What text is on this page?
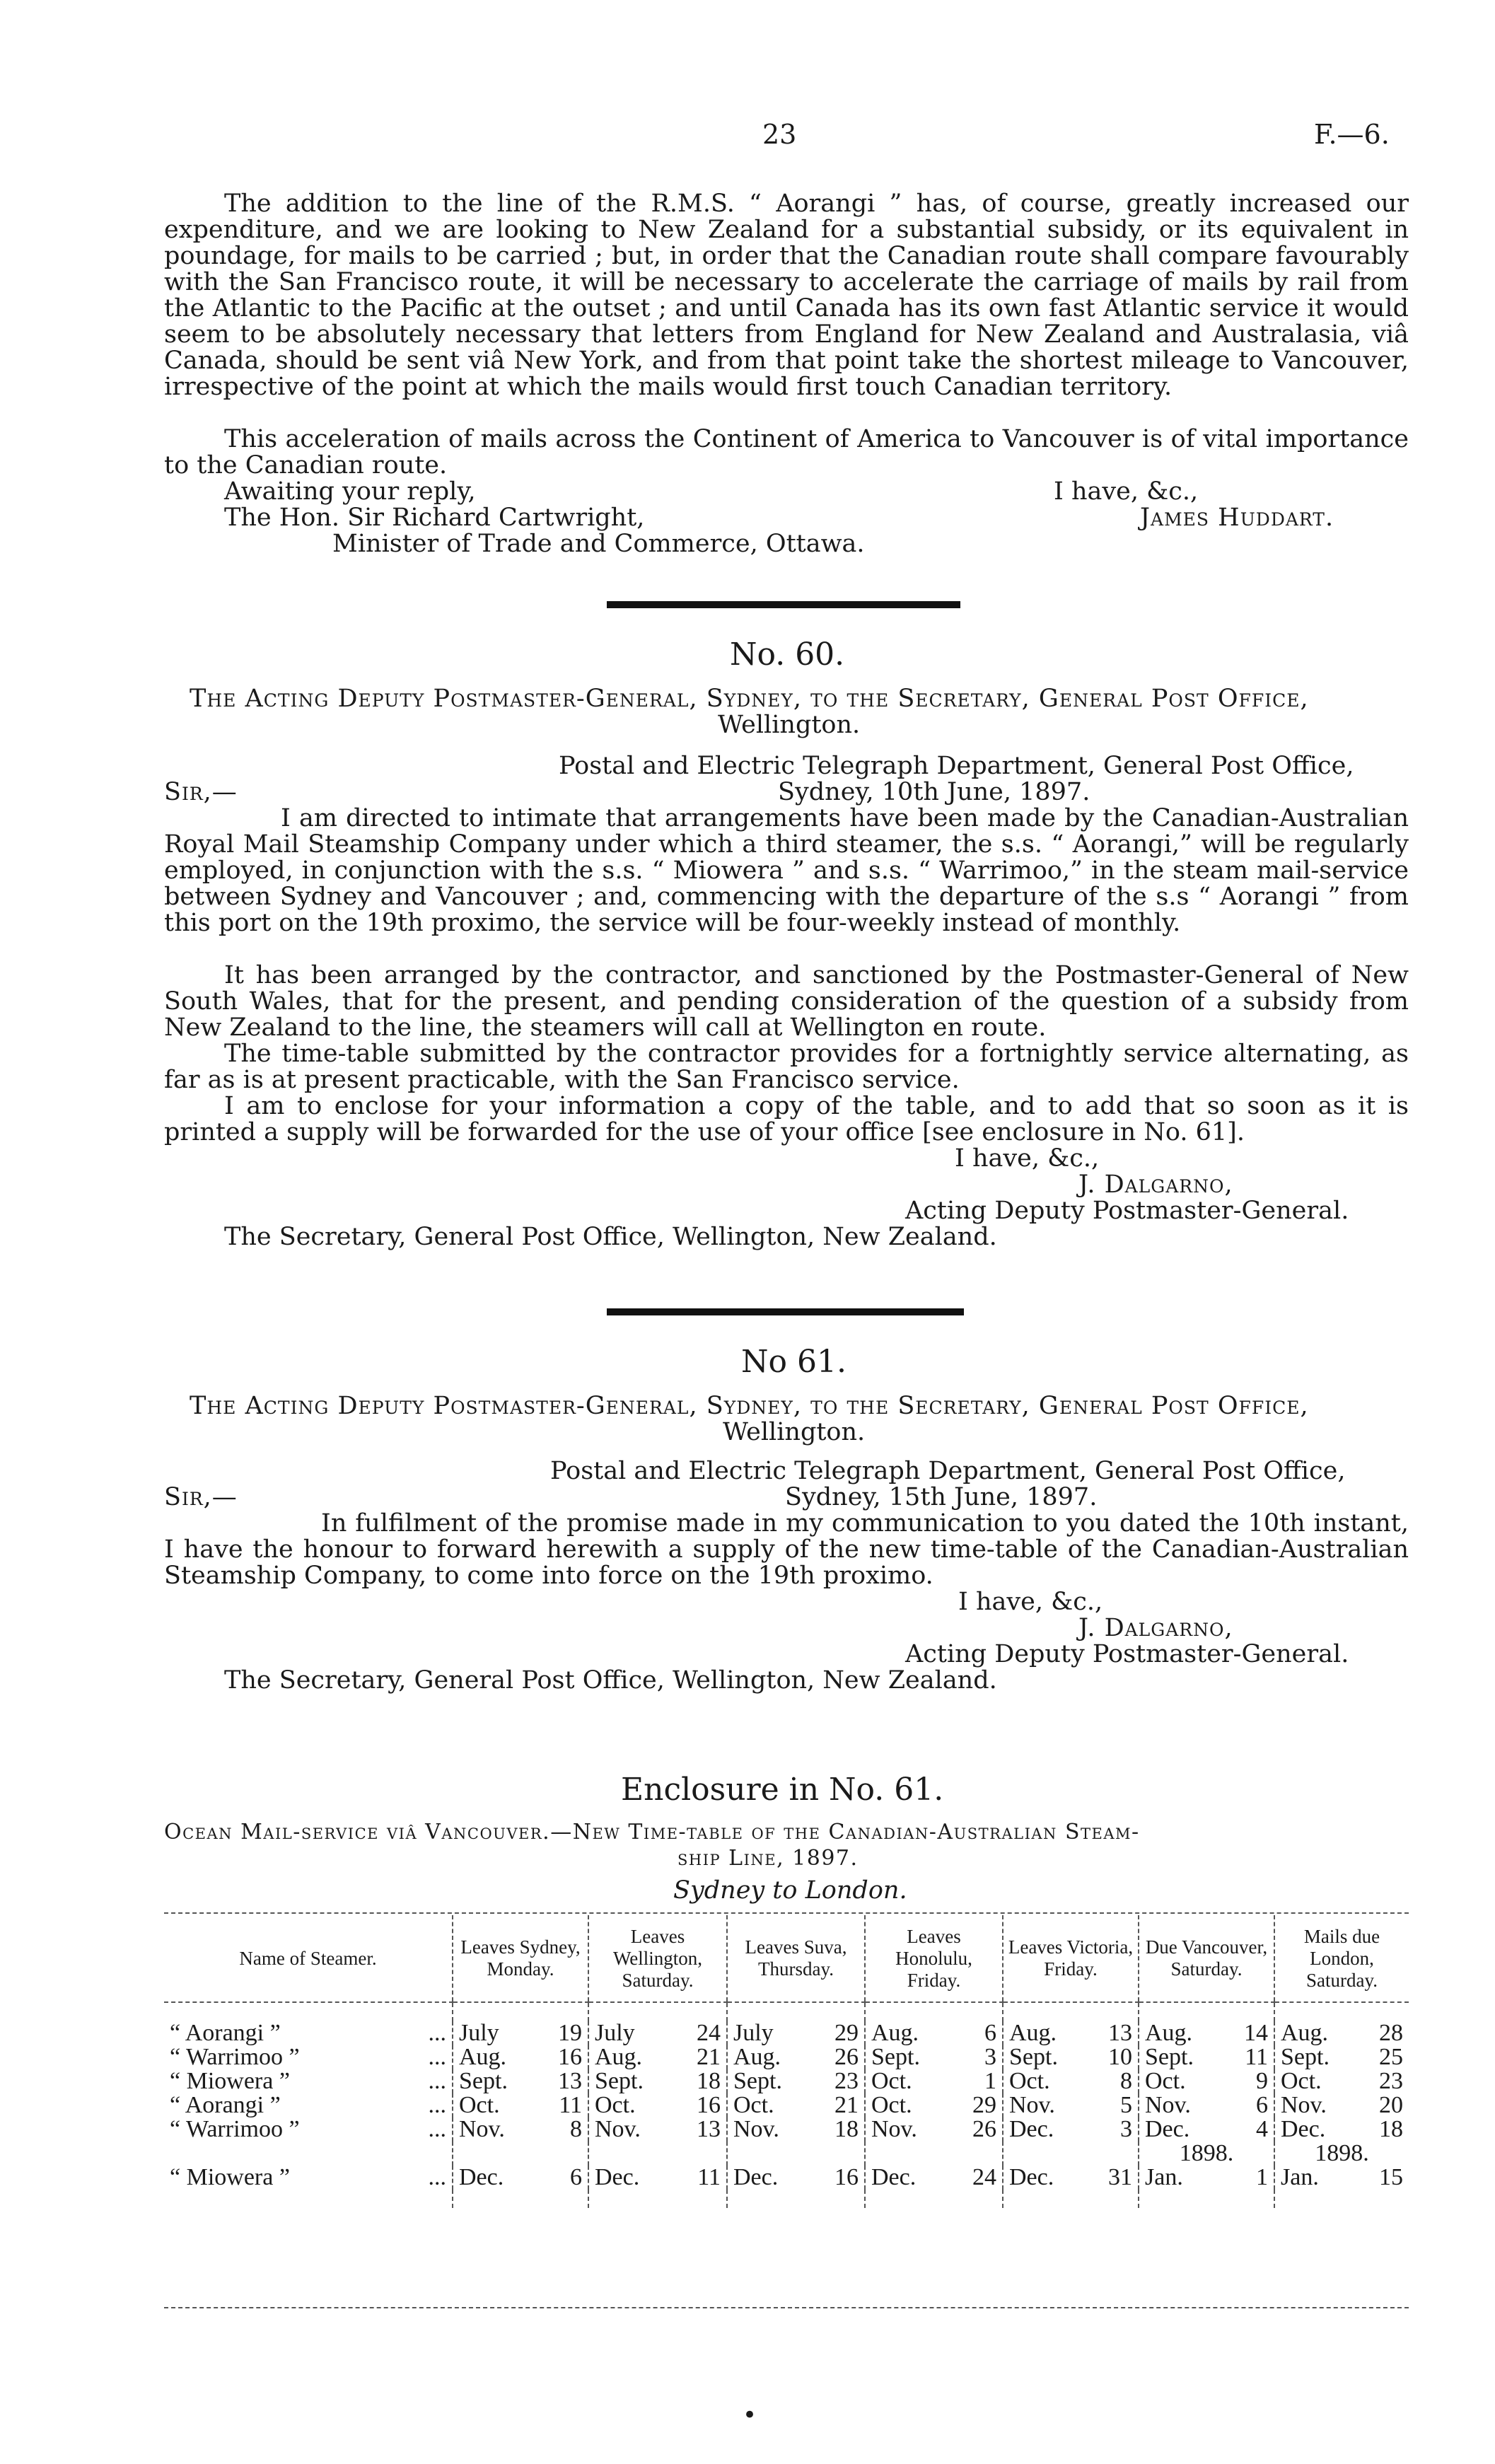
23	F.—6.
The addition to the line of the R.M.S. “ Aorangi ” has, of course, greatly increased our expenditure, and we are looking to New Zealand for a substantial subsidy, or its equivalent in poundage, for mails to be carried ; but, in order that the Canadian route shall compare favourably with the San Francisco route, it will be necessary to accelerate the carriage of mails by rail from the Atlantic to the Pacific at the outset ; and until Canada has its own fast Atlantic service it would seem to be absolutely necessary that letters from England for New Zealand and Australasia, viâ Canada, should be sent viâ New York, and from that point take the shortest mileage to Vancouver, irrespective of the point at which the mails would first touch Canadian territory.
This acceleration of mails across the Continent of America to Vancouver is of vital importance to the Canadian route.
Awaiting your reply,	I have, &c.,
The Hon. Sir Richard Cartwright,	James Huddart.
Minister of Trade and Commerce, Ottawa.
No. 60.
The Acting Deputy Postmaster-General, Sydney, to the Secretary, General Post Office,
Wellington.
Postal and Electric Telegraph Department, General Post Office,
Sir,—	Sydney, 10th June, 1897.
I am directed to intimate that arrangements have been made by the Canadian-Australian Royal Mail Steamship Company under which a third steamer, the s.s. “ Aorangi,” will be regularly employed, in conjunction with the s.s. “ Miowera ” and s.s. “ Warrimoo,” in the steam mail-service between Sydney and Vancouver ; and, commencing with the departure of the s.s “ Aorangi ” from this port on the 19th proximo, the service will be four-weekly instead of monthly.
It has been arranged by the contractor, and sanctioned by the Postmaster-General of New South Wales, that for the present, and pending consideration of the question of a subsidy from New Zealand to the line, the steamers will call at Wellington en route.
The time-table submitted by the contractor provides for a fortnightly service alternating, as far as is at present practicable, with the San Francisco service.
I am to enclose for your information a copy of the table, and to add that so soon as it is printed a supply will be forwarded for the use of your office [see enclosure in No. 61].
I have, &c.,
J. Dalgarno,
Acting Deputy Postmaster-General.
The Secretary, General Post Office, Wellington, New Zealand.
No 61.
The Acting Deputy Postmaster-General, Sydney, to the Secretary, General Post Office,
Wellington.
Postal and Electric Telegraph Department, General Post Office,
Sir,—	Sydney, 15th June, 1897.
In fulfilment of the promise made in my communication to you dated the 10th instant, I have the honour to forward herewith a supply of the new time-table of the Canadian-Australian Steamship Company, to come into force on the 19th proximo.
I have, &c.,
J. Dalgarno,
Acting Deputy Postmaster-General.
The Secretary, General Post Office, Wellington, New Zealand.
Enclosure in No. 61.
Ocean Mail-service viâ Vancouver.—New Time-table of the Canadian-Australian Steam-
ship Line, 1897.
Sydney to London.
Name of Steamer.	Leaves Sydney, Monday.	Leaves Wellington, Saturday.	Leaves Suva, Thursday.	Leaves Honolulu, Friday.	Leaves Victoria, Friday.	Due Vancouver, Saturday.	Mails due London, Saturday.

“ Aorangi ” ...	July 19	July 24	July 29	Aug. 6	Aug. 13	Aug. 14	Aug. 28

“ Warrimoo ” ...	Aug. 16	Aug. 21	Aug. 26	Sept. 3	Sept. 10	Sept. 11	Sept. 25

“ Miowera ” ...	Sept. 13	Sept. 18	Sept. 23	Oct. 1	Oct. 8	Oct. 9	Oct. 23

“ Aorangi ” ...	Oct. 11	Oct. 16	Oct. 21	Oct. 29	Nov. 5	Nov. 6	Nov. 20

“ Warrimoo ” ...	Nov. 8	Nov. 13	Nov. 18	Nov. 26	Dec. 3	Dec. 4	Dec. 18

						1898.	1898.

“ Miowera ” ...	Dec. 6	Dec. 11	Dec. 16	Dec. 24	Dec. 31	Jan. 1	Jan. 15

•
